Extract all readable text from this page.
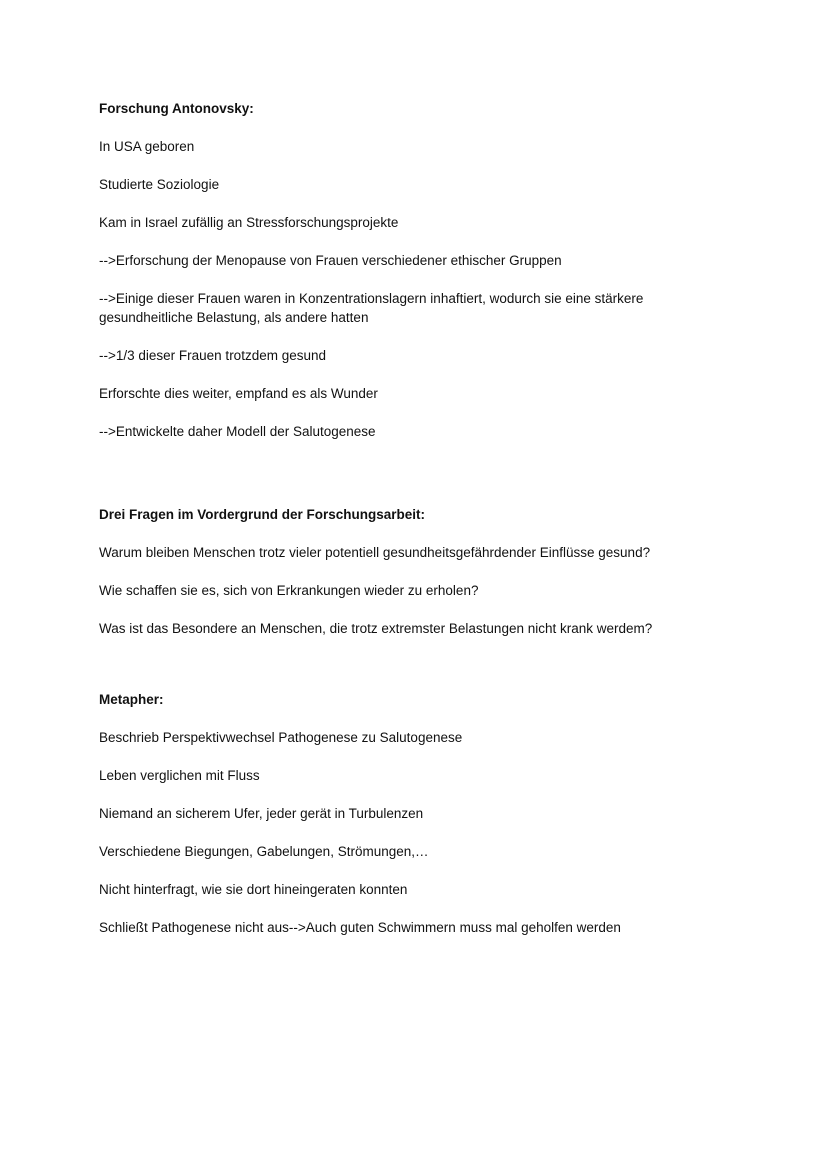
Forschung Antonovsky:
In USA geboren
Studierte Soziologie
Kam in Israel zufällig an Stressforschungsprojekte
-->Erforschung der Menopause von Frauen verschiedener ethischer Gruppen
-->Einige dieser Frauen waren in Konzentrationslagern inhaftiert, wodurch sie eine stärkere gesundheitliche Belastung, als andere hatten
-->1/3 dieser Frauen trotzdem gesund
Erforschte dies weiter, empfand es als Wunder
-->Entwickelte daher Modell der Salutogenese
Drei Fragen im Vordergrund der Forschungsarbeit:
Warum bleiben Menschen trotz vieler potentiell gesundheitsgefährdender Einflüsse gesund?
Wie schaffen sie es, sich von Erkrankungen wieder zu erholen?
Was ist das Besondere an Menschen, die trotz extremster Belastungen nicht krank werdem?
Metapher:
Beschrieb Perspektivwechsel Pathogenese zu Salutogenese
Leben verglichen mit Fluss
Niemand an sicherem Ufer, jeder gerät in Turbulenzen
Verschiedene Biegungen, Gabelungen, Strömungen,…
Nicht hinterfragt, wie sie dort hineingeraten konnten
Schließt Pathogenese nicht aus-->Auch guten Schwimmern muss mal geholfen werden
